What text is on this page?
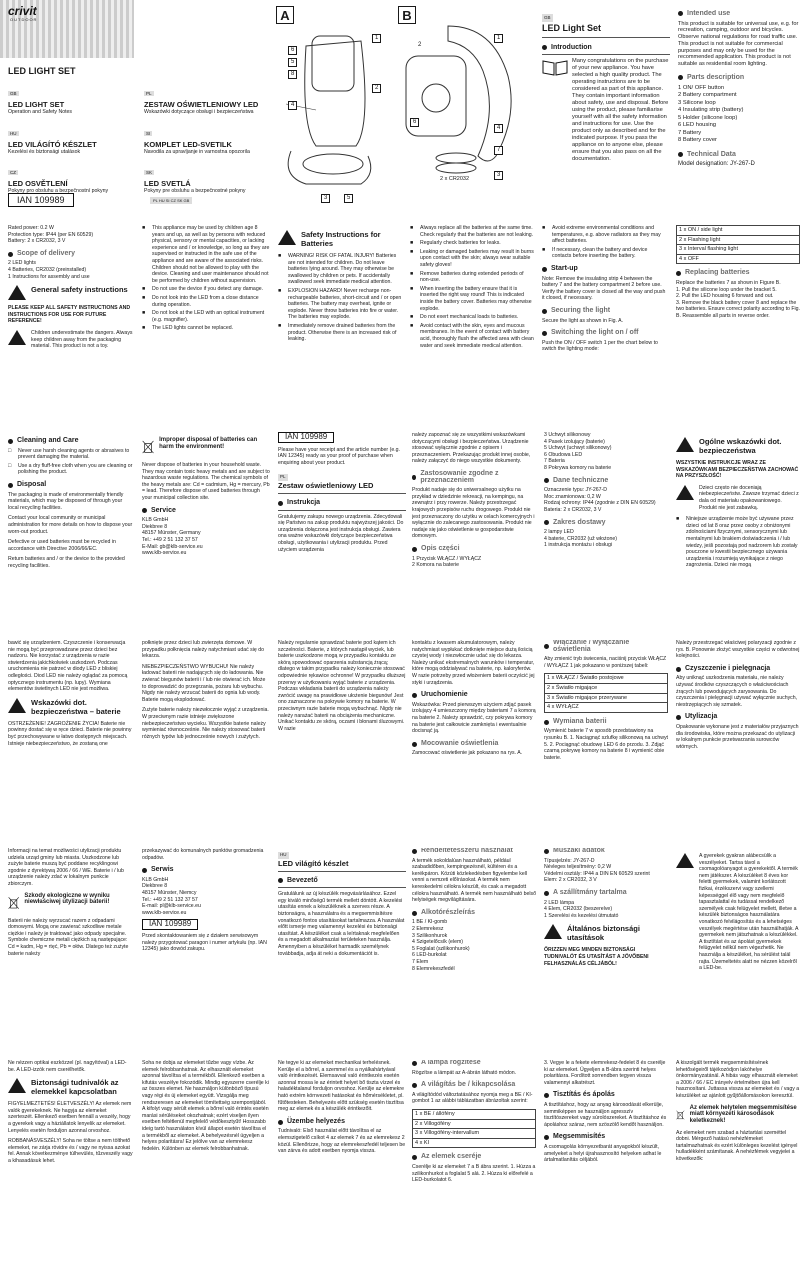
crivit
OUTDOOR
LED LIGHT SET
GB
LED LIGHT SET
Operation and Safety Notes
HU
LED VILÁGÍTÓ KÉSZLET
Kezelési és biztonsági utalások
CZ
LED OSVĚTLENÍ
Pokyny pro obsluhu a bezpečnostní pokyny
PL
ZESTAW OŚWIETLENIOWY LED
Wskazówki dotyczące obsługi i bezpieczeństwa
SI
KOMPLET LED-SVETILK
Navodila za upravljanje in varnostna opozorila
SK
LED SVETLÁ
Pokyny pre obsluhu a bezpečnostné pokyny
IAN 109989	PL HU SI CZ SK GB
A
6
5
8
4
1
2
3	5
B
1
2
4
7
6
3
2 x CR2032
GB
LED Light Set
Introduction
Many congratulations on the purchase of your new appliance. You have selected a high quality product. The operating instructions are to be considered as part of this appliance. They contain important information about safety, use and disposal. Before using the product, please familiarise yourself with all the safety information and instructions for use. Use the product only as described and for the indicated purpose. If you pass the appliance on to anyone else, please ensure that you also pass on all the documentation.
Intended use
This product is suitable for universal use, e.g. for recreation, camping, outdoor and bicycles. Observe national regulations for road traffic use. This product is not suitable for commercial purposes and may only be used for the recommended application. This product is not suitable as residential room lighting.
Parts description
1 ON/ OFF button
2 Battery compartment
3 Silicone loop
4 Insulating strip (battery)
5 Holder (silicone loop)
6 LED housing
7 Battery
8 Battery cover
Technical Data
Model designation: JY-267-D
Rated power: 0.2 W
Protection type: IP44 (per EN 60529)
Battery: 2 x CR2032, 3 V
Scope of delivery
2 LED lights
4 Batteries, CR2032 (preinstalled)
1 Instructions for assembly and use
General safety instructions
PLEASE KEEP ALL SAFETY INSTRUCTIONS AND INSTRUCTIONS FOR USE FOR FUTURE REFERENCE!
Children underestimate the dangers. Always keep children away from the packaging material. This product is not a toy.
■	This appliance may be used by children age 8 years and up, as well as by persons with reduced physical, sensory or mental capacities, or lacking experience and / or knowledge, so long as they are supervised or instructed in the safe use of the appliance and are aware of the associated risks. Children should not be allowed to play with the device. Cleaning and user maintenance should not be performed by children without supervision.
■	Do not use the device if you detect any damage.
■	Do not look into the LED from a close distance during operation.
■	Do not look at the LED with an optical instrument (e.g. magnifier).
■	The LED lights cannot be replaced.
Safety Instructions for Batteries
■	WARNING! RISK OF FATAL INJURY! Batteries are not intended for children. Do not leave batteries lying around. They may otherwise be swallowed by children or pets. If accidentally swallowed seek immediate medical attention.
■	EXPLOSION HAZARD! Never recharge non-rechargeable batteries, short-circuit and / or open batteries. The battery may overheat, ignite or explode. Never throw batteries into fire or water. The batteries may explode.
■	Immediately remove drained batteries from the product. Otherwise there is an increased risk of leaking.
■	Always replace all the batteries at the same time. Check regularly that the batteries are not leaking.
■	Regularly check batteries for leaks.
■	Leaking or damaged batteries may result in burns upon contact with the skin; always wear suitable safety gloves!
■	Remove batteries during extended periods of non-use.
■	When inserting the battery ensure that it is inserted the right way round! This is indicated inside the battery cover. Batteries may otherwise explode.
■	Do not exert mechanical loads to batteries.
■	Avoid contact with the skin, eyes and mucous membranes. In the event of contact with battery acid, thoroughly flush the affected area with clean water and seek immediate medical attention.
■	Avoid extreme environmental conditions and temperatures, e.g. above radiators as they may affect batteries.
■	If necessary, clean the battery and device contacts before inserting the battery.
Start-up
Note: Remove the insulating strip 4 between the battery 7 and the battery compartment 2 before use. Verify the battery cover is closed all the way and push it closed, if necessary.
Securing the light
Secure the light as shown in Fig. A.
Switching the light on / off
Push the ON / OFF switch 1 per the chart below to switch the lighting mode:
1 x ON / side light
2 x Flashing light
3 x Interval flashing light
4 x OFF
Replacing batteries
Replace the batteries 7 as shown in Figure B.
1. Pull the silicone loop under the bracket 5.
2. Pull the LED housing 6 forward and out.
3. Remove the black battery cover 8 and replace the two batteries. Ensure correct polarity according to Fig. B. Reassemble all parts in reverse order.
Cleaning and Care
□	Never use harsh cleaning agents or abrasives to prevent damaging the material.
□	Use a dry fluff-free cloth when you are cleaning or polishing the product.
Disposal
The packaging is made of environmentally friendly materials, which may be disposed of through your local recycling facilities.
Contact your local community or municipal administration for more details on how to dispose your worn-out product.
Defective or used batteries must be recycled in accordance with Directive 2006/66/EC.
Return batteries and / or the device to the provided recycling facilities.
Improper disposal of batteries can harm the environment!
Never dispose of batteries in your household waste. They may contain toxic heavy metals and are subject to hazardous waste regulations. The chemical symbols of the heavy metals are: Cd = cadmium, Hg = mercury, Pb = lead. Therefore dispose of used batteries through your municipal collection site.
Service
KLB GmbH
Diekbree 8
48157 Münster, Germany
Tel.: +49 2 51 132 37 57
E-Mail: gb@klb-service.eu
www.klb-service.eu
IAN 109989
Please have your receipt and the article number (e.g. IAN 12345) ready as your proof of purchase when enquiring about your product.
PL
Zestaw oświetleniowy LED
Instrukcja
Gratulujemy zakupu nowego urządzenia. Zdecydowali się Państwo na zakup produktu najwyższej jakości. Do urządzenia dołączona jest instrukcja obsługi. Zawiera ona ważne wskazówki dotyczące bezpieczeństwa obsługi, użytkowania i utylizacji produktu. Przed użyciem urządzenia
należy zapoznać się ze wszystkimi wskazówkami dotyczącymi obsługi i bezpieczeństwa. Urządzenie stosować wyłącznie zgodnie z opisem i przeznaczeniem. Przekazując produkt innej osobie, należy załączyć do niego wszystkie dokumenty.
Zastosowanie zgodne z przeznaczeniem
Produkt nadaje się do uniwersalnego użytku na przykład w dziedzinie rekreacji, na kempingu, na zewnątrz i przy rowerze. Należy przestrzegać krajowych przepisów ruchu drogowego. Produkt nie jest przeznaczony do użytku w celach komercyjnych i wyłącznie do zalecanego zastosowania. Produkt nie nadaje się jako oświetlenie w gospodarstwie domowym.
Opis części
1 Przycisk WŁĄCZ / WYŁĄCZ
2 Komora na baterie
3 Uchwyt silikonowy
4 Pasek izolujący (baterie)
5 Uchwyt (uchwyt silikonowy)
6 Obudowa LED
7 Bateria
8 Pokrywa komory na baterie
Dane techniczne
Oznaczenie typu: JY-267-D
Moc znamionowa: 0,2 W
Rodzaj ochrony: IP44 (zgodnie z DIN EN 60529)
Bateria: 2 x CR2032, 3 V
Zakres dostawy
2 lampy LED
4 baterie, CR2032 (už włożone)
1 instrukcja montażu i obsługi
Ogólne wskazówki dot. bezpieczeństwa
WSZYSTKIE INSTRUKCJE WRAZ ZE WSKAZÓWKAMI BEZPIECZEŃSTWA ZACHOWAĆ NA PRZYSZŁOŚĆ!
Dzieci często nie doceniają niebezpieczeństw. Zawsze trzymać dzieci z dala od materiału opakowaniowego. Produkt nie jest zabawką.
■	Niniejsze urządzenie może być używane przez dzieci od lat 8 oraz przez osoby z obniżonymi zdolnościami fizycznymi, sensorycznymi lub mentalnymi lub brakiem doświadczenia i / lub wiedzy, jeśli pozostają pod nadzorem lub zostały pouczone w kwestii bezpiecznego używania urządzenia i rozumieją wynikające z niego zagrożenia. Dzieci nie mogą
bawić się urządzeniem. Czyszczenie i konserwacja nie mogą być przeprowadzane przez dzieci bez nadzoru. Nie korzystać z urządzenia w razie stwierdzenia jakichkolwiek uszkodzeń. Podczas uruchomienia nie patrzeć w diody LED z bliskiej odległości. Diod LED nie należy oglądać za pomocą optycznego instrumentu (np. lupy). Wymiana elementów świetlnych LED nie jest możliwa.
Wskazówki dot. bezpieczeństwa – baterie
OSTRZEŻENIE! ZAGROŻENIE ŻYCIA! Baterie nie powinny dostać się w ręce dzieci. Baterie nie powinny być przechowywane w łatwo dostępnych miejscach. Istnieje niebezpieczeństwo, że zostaną one
połknięte przez dzieci lub zwierzęta domowe. W przypadku połknięcia należy natychmiast udać się do lekarza.
NIEBEZPIECZEŃSTWO WYBUCHU! Nie należy ładować baterii nie nadających się do ładowania. Nie zwierać biegunów baterii i / lub nie otwierać ich. Może to doprowadzić do przegrzania, pożaru lub wybuchu. Nigdy nie należy wrzucać baterii do ognia lub wody. Baterie mogą eksplodować.
Zużyte baterie należy niezwłocznie wyjąć z urządzenia. W przeciwnym razie istnieje zwiększone niebezpieczeństwo wycieku. Wszystkie baterie należy wymieniać równocześnie. Nie należy stosować baterii różnych typów lub jednocześnie nowych i zużytych.
Należy regularnie sprawdzać baterie pod kątem ich szczelności. Baterie, z których nastąpił wyciek, lub baterie uszkodzone mogą w przypadku kontaktu ze skórą spowodować oparzenia substancją żrącą; dlatego w takim przypadku należy koniecznie stosować odpowiednie rękawice ochronne! W przypadku dłuższej przerwy w użytkowaniu wyjąć baterie z urządzenia. Podczas wkładania baterii do urządzenia należy zwrócić uwagę na prawidłowe ułożenie biegunów! Jest ono zaznaczone na pokrywie komory na baterie. W przeciwnym razie baterie mogą wybuchnąć. Nigdy nie należy narażać baterii na obciążenia mechaniczne. Unikać kontaktu ze skórą, oczami i błonami śluzowymi. W razie
kontaktu z kwasem akumulatorowym, należy natychmiast wypłukać dotknięte miejsce dużą ilością czystej wody i niezwłocznie udać się do lekarza. Należy unikać ekstremalnych warunków i temperatur, które mogą oddziaływać na baterie, np. kaloryferów. W razie potrzeby przed włożeniem baterii oczyścić jej styki i urządzenia.
Uruchomienie
Wskazówka: Przed pierwszym użyciem zdjąć pasek izolujący 4 umieszczony między bateriami 7 a komorą na baterie 2. Należy sprawdzić, czy pokrywa komory na baterie jest całkowicie zamknięta i ewentualnie docisnąć ją.
Mocowanie oświetlenia
Zamocować oświetlenie jak pokazano na rys. A.
Włączanie / wyłączanie oświetlenia
Aby zmienić tryb świecenia, naciśnij przycisk WŁĄCZ / WYŁĄCZ 1 jak pokazano w poniższej tabeli:
1 x WŁĄCZ / Światło postojowe
2 x Światło migające
3 x Światło migające przerywane
4 x WYŁĄCZ
Wymiana baterii
Wymienić baterie 7 w sposób przedstawiony na rysunku B. 1. Naciągnąć szlufkę silikonową na uchwyt 5. 2. Pociągnąć obudowę LED 6 do przodu. 3. Zdjąć czarną pokrywę komory na baterie 8 i wymienić obie baterie.
Należy przestrzegać właściwej polaryzacji zgodnie z rys. B. Ponownie złożyć wszystkie części w odwrotnej kolejności.
Czyszczenie i pielęgnacja
Aby uniknąć uszkodzenia materiału, nie należy używać środków czyszczących o właściwościach żrących lub powodujących zarysowania. Do czyszczenia i pielęgnacji używać wyłącznie suchych, niestrzępiących się szmatek.
Utylizacja
Opakowanie wykonane jest z materiałów przyjaznych dla środowiska, które można przekazać do utylizacji w lokalnym punkcie przetwarzania surowców wtórnych.
Informacji na temat możliwości utylizacji produktu udziela urząd gminy lub miasta. Uszkodzone lub zużyte baterie muszą być poddane recyklingowi zgodnie z dyrektywą 2006 / 66 / WE. Baterie i / lub urządzenie należy zdać w lokalnym punkcie zbiorczym.
Szkody ekologiczne w wyniku niewłaściwej utylizacji baterii!
Baterii nie należy wyrzucać razem z odpadami domowymi. Mogą one zawierać szkodliwe metale ciężkie i należy je traktować jako odpady specjalne. Symbole chemiczne metali ciężkich są następujące: Cd = kadm, Hg = rtęć, Pb = ołów. Dlatego też zużyte baterie należy
przekazywać do komunalnych punktów gromadzenia odpadów.
Serwis
KLB GmbH
Diekbree 8
48157 Münster, Niemcy
Tel.: +49 2 51 132 37 57
E-mail: pl@klb-service.eu
www.klb-service.eu
IAN 109989
Przed skontaktowaniem się z działem serwisowym należy przygotować paragon i numer artykułu (np. IAN 12345) jako dowód zakupu.
HU
LED világító készlet
Bevezető
Gratulálunk az új készülék megvásárlásához. Ezzel egy kiváló minőségű termék mellett döntött. A kezelési utasítás ennek a készüléknek a szerves része. A biztonságra, a használatra és a megsemmisítésre vonatkozó fontos utasításokat tartalmazza. A használat előtt ismerje meg valamennyi kezelési és biztonsági utasítást. A készüléket csak a leírtaknak megfelelően és a megadott alkalmazási területeken használja. Amennyiben a készüléket harmadik személynek továbbadja, adja át neki a dokumentációt is.
Rendeltetésszerű használat
A termék sokoldalúan használható, például szabadidőben, kempingezésnél, kültéren és a kerékpáron. Közúti közlekedésben figyelembe kell venni a nemzeti előírásokat. A termék nem kereskedelmi célokra készült, és csak a megadott célokra használható. A termék nem használható belső helyiségek megvilágítására.
Alkotórészleírás
1 BE / KI-gomb
2 Elemrekesz
3 Szilikonhurok
4 Szigetelőcsík (elem)
5 Foglalat (szilikonhurok)
6 LED-burkolat
7 Elem
8 Elemrekeszfedél
Műszaki adatok
Típusjelzés: JY-267-D
Névleges teljesítmény: 0,2 W
Védelmi osztály: IP44 a DIN EN 60529 szerint
Elem: 2 x CR2032, 3 V
A szállítmány tartalma
2 LED lámpa
4 Elem, CR2032 (beszerelve)
1 Szerelési és kezelési útmutató
Általános biztonsági utasítások
ŐRIZZEN MEG MINDEN BIZTONSÁGI TUDNIVALÓT ÉS UTASÍTÁST A JÖVŐBENI FELHASZNÁLÁS CÉLJÁBÓL!
A gyerekek gyakran alábecsülik a veszélyeket. Tartsa távol a csomagolóanyagot a gyerekektől. A termék nem játékszer. A készüléket 8 éves kor feletti gyermekek, valamint korlátozott fizikai, érzékszervi vagy szellemi képességgel élő vagy nem megfelelő tapasztalattal és tudással rendelkező személyek csak felügyelet mellett, illetve a készülék biztonságos használatára vonatkozó felvilágosítás és a lehetséges veszélyek megértése után használhatják. A gyermekek nem játszhatnak a készülékkel. A tisztítást és az ápolást gyermekek felügyelet nélkül nem végezhetik. Ne használja a készüléket, ha sérülést talál rajta. Üzemeltetés alatt ne nézzen közelről a LED-be.
Ne nézzen optikai eszközzel (pl. nagyítóval) a LED-be. A LED-izzók nem cserélhetők.
Biztonsági tudnivalók az elemekkel kapcsolatban
FIGYELMEZTETÉS! ÉLETVESZÉLY! Az elemek nem valók gyerekeknek. Ne hagyja az elemeket szerteszét. Ellenkező esetben fennáll a veszély, hogy a gyerekek vagy a háziállatok lenyelik az elemeket. Lenyelés esetén forduljon azonnal orvoshoz.
ROBBANÁSVESZÉLY! Soha ne töltse a nem tölthető elemeket, ne zárja rövidre és / vagy ne nyissa azokat fel. Annak következménye túlhevülés, tűzveszély vagy a kihasadásuk lehet.
Soha ne dobja az elemeket tűzbe vagy vízbe. Az elemek felrobbanhatnak. Az elhasznált elemeket azonnal távolítsa el a termékből. Ellenkező esetben a kifutás veszélye fokozódik. Mindig egyszerre cserélje ki az összes elemet. Ne használjon különböző típusú vagy régi és új elemeket együtt. Vizsgálja meg rendszeresen az elemeket tömítettség szempontjából. A kifolyt vagy sérült elemek a bőrrel való érintés esetén marási sérüléseket okozhatnak; ezért viseljen ilyen esetben feltétlenül megfelelő védőkesztyűt! Hosszabb ideig tartó használaton kívül állapot esetén távolítsa el a termékből az elemeket. A behelyezésnél ügyeljen a helyes polaritásra! Ez jelölve van az elemrekesz fedelén. Különben az elemek felrobbanhatnak.
Ne tegye ki az elemeket mechanikai terhelésnek. Kerülje el a bőrrel, a szemmel és a nyálkahártyával való érintkezését. Elemsavval való érintkezés esetén azonnal mossa le az érintett helyet bő tiszta vízzel és haladéktalanul forduljon orvoshoz. Kerülje az elemekre ható extrém körnvezeti hatásokat és hőmérsékletet, pl. fűtőtesteken. Behelyezés előtt szükség esetén tisztítsa meg az elemek és a készülék érintkezőit.
Üzembe helyezés
Tudnivaló: Első használat előtt távolítsa el az elemszigetelő csíkot 4 az elemek 7 és az elemrekesz 2 közül. Ellenőrizze, hogy az elemrekeszfedél teljesen be van zárva és adott esetben nyomja vissza.
A lámpa rögzítése
Rögzítse a lámpát az A-ábrán látható módon.
A világítás be / kikapcsolása
A világítódód változtatásához nyomja meg a BE / KI-gombot 1 az alábbi táblázatban ábrázoltak szerint:
1 x BE / állófény
2 x Villogófény
3 x Villogófény-intervallum
4 x KI
Az elemek cseréje
Cserélje ki az elemeket 7 a B ábra szerint. 1. Húzza a szilikonhurkot a foglalat 5 alá. 2. Húzza ki előrefelé a LED-burkolatot 6.
3. Vegye le a fekete elemrekesz-fedelet 8 és cserélje ki az elemeket. Ügyeljen a B-ábra szerinti helyes polaritásra. Fordított sorrendben tegyen vissza valamennyi alkatrészt.
Tisztítás és ápolás
A tisztításhoz, hogy az anyag károsodását elkerülje, semmiképpen se használjon agresszív tisztítószereket vagy súrolószereket. A tisztításhoz és ápoláshoz száraz, nem szöszölő kendőt használjon.
Megsemmisítés
A csomagolás környezetbarát anyagokból készült, amelyeket a helyi újrahasznosító helyeken adhat le ártalmatlanítás céljából.
A kiszolgált termék megsemmisítésének lehetőségeiről tájékozódjon lakóhelye önkormányzatánál. A hibás vagy elhasznált elemeket a 2006 / 66 / EC irányelv értelmében újra kell hasznosítani. Juttassa vissza az elemeket és / vagy a készüléket az ajánlott gyűjtőállomásokon keresztül.
Az elemek helytelen megsemmisítése miatt környezeti károsodások keletkeznek!
Az elemeket nem szabad a háztartási szeméttel dobni. Mérgező hatású nehézfémeket tartalmazhatnak és ezért különleges kezelést igényel hulladékként számítanak. A nehézfémek vegyjelei a következők:
